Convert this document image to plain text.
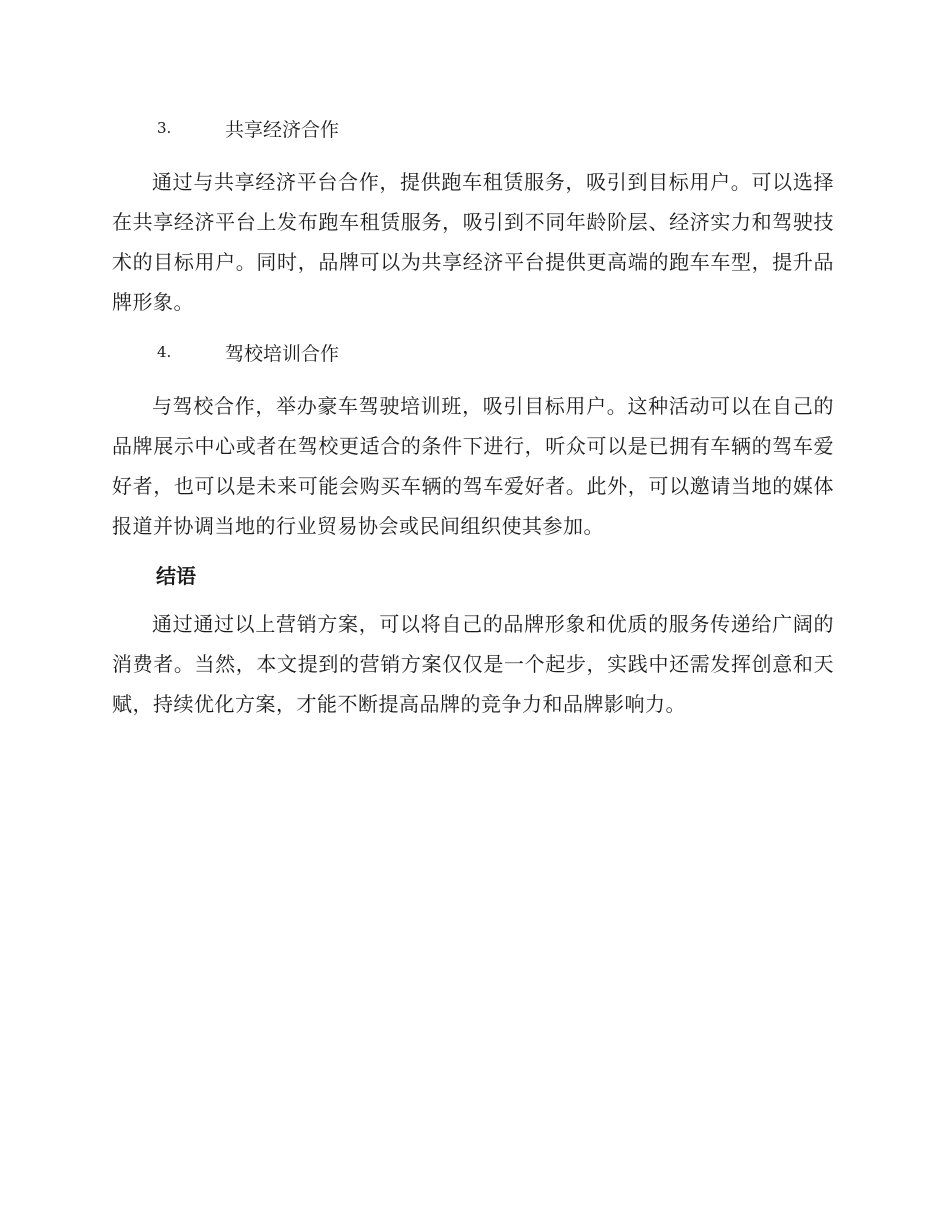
3.	共享经济合作

通过与共享经济平台合作，提供跑车租赁服务，吸引到目标用户。可以选择在共享经济平台上发布跑车租赁服务，吸引到不同年龄阶层、经济实力和驾驶技术的目标用户。同时，品牌可以为共享经济平台提供更高端的跑车车型，提升品牌形象。

4.	驾校培训合作

与驾校合作，举办豪车驾驶培训班，吸引目标用户。这种活动可以在自己的品牌展示中心或者在驾校更适合的条件下进行，听众可以是已拥有车辆的驾车爱好者，也可以是未来可能会购买车辆的驾车爱好者。此外，可以邀请当地的媒体报道并协调当地的行业贸易协会或民间组织使其参加。

结语

通过通过以上营销方案，可以将自己的品牌形象和优质的服务传递给广阔的消费者。当然，本文提到的营销方案仅仅是一个起步，实践中还需发挥创意和天赋，持续优化方案，才能不断提高品牌的竞争力和品牌影响力。
